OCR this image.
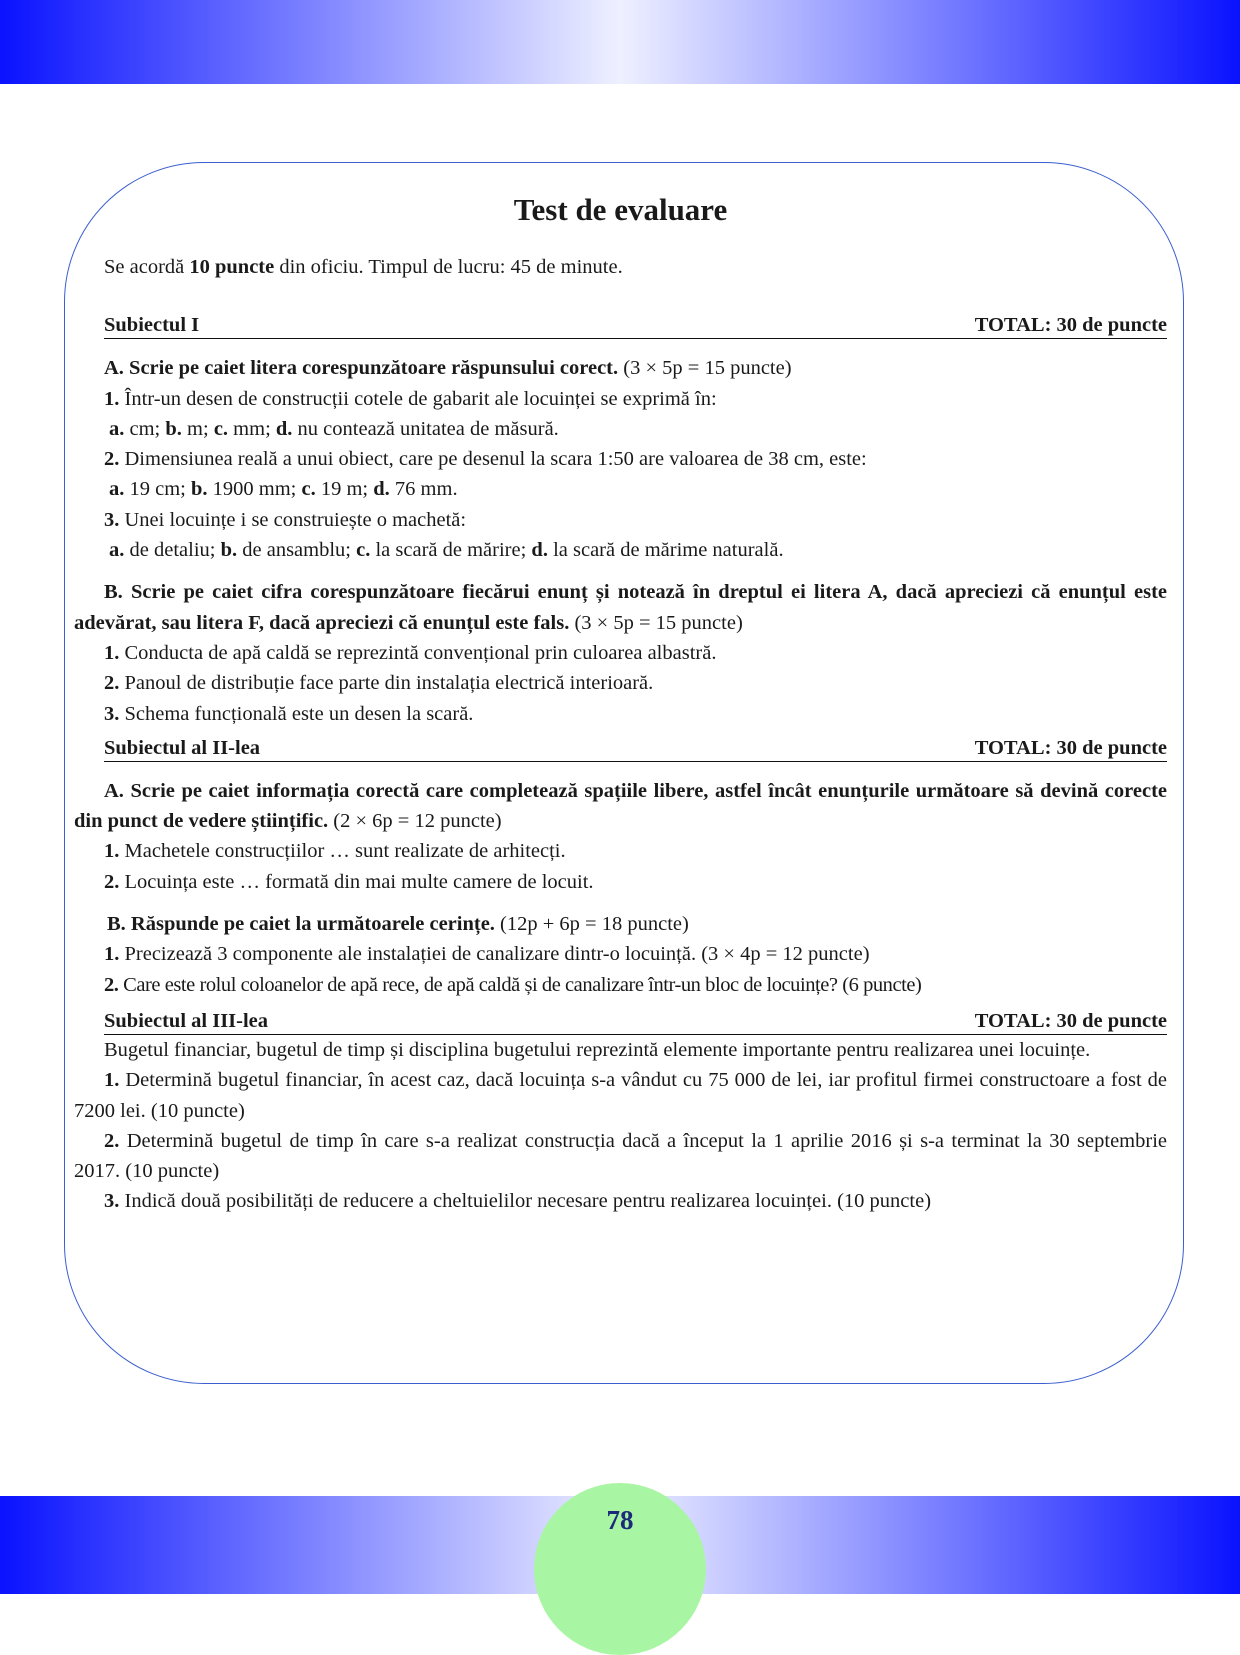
Test de evaluare

Se acordă 10 puncte din oficiu. Timpul de lucru: 45 de minute.

Subiectul I	TOTAL: 30 de puncte

A. Scrie pe caiet litera corespunzătoare răspunsului corect. (3 × 5p = 15 puncte)

1. Într-un desen de construcții cotele de gabarit ale locuinței se exprimă în:

a. cm; b. m; c. mm; d. nu contează unitatea de măsură.

2. Dimensiunea reală a unui obiect, care pe desenul la scara 1:50 are valoarea de 38 cm, este:

a. 19 cm; b. 1900 mm; c. 19 m; d. 76 mm.

3. Unei locuințe i se construiește o machetă:

a. de detaliu; b. de ansamblu; c. la scară de mărire; d. la scară de mărime naturală.

B. Scrie pe caiet cifra corespunzătoare fiecărui enunț și notează în dreptul ei litera A, dacă apreciezi că enunțul este adevărat, sau litera F, dacă apreciezi că enunțul este fals. (3 × 5p = 15 puncte)

1. Conducta de apă caldă se reprezintă convențional prin culoarea albastră.

2. Panoul de distribuție face parte din instalația electrică interioară.

3. Schema funcțională este un desen la scară.

Subiectul al II-lea	TOTAL: 30 de puncte

A. Scrie pe caiet informația corectă care completează spațiile libere, astfel încât enunțurile următoare să devină corecte din punct de vedere științific. (2 × 6p = 12 puncte)

1. Machetele construcțiilor … sunt realizate de arhitecți.

2. Locuința este … formată din mai multe camere de locuit.

B. Răspunde pe caiet la următoarele cerințe. (12p + 6p = 18 puncte)

1. Precizează 3 componente ale instalației de canalizare dintr-o locuință. (3 × 4p = 12 puncte)

2. Care este rolul coloanelor de apă rece, de apă caldă și de canalizare într-un bloc de locuințe? (6 puncte)

Subiectul al III-lea	TOTAL: 30 de puncte

Bugetul financiar, bugetul de timp și disciplina bugetului reprezintă elemente importante pentru realizarea unei locuințe.

1. Determină bugetul financiar, în acest caz, dacă locuința s-a vândut cu 75 000 de lei, iar profitul firmei constructoare a fost de 7200 lei. (10 puncte)

2. Determină bugetul de timp în care s-a realizat construcția dacă a început la 1 aprilie 2016 și s-a terminat la 30 septembrie 2017. (10 puncte)

3. Indică două posibilități de reducere a cheltuielilor necesare pentru realizarea locuinței. (10 puncte)

78
